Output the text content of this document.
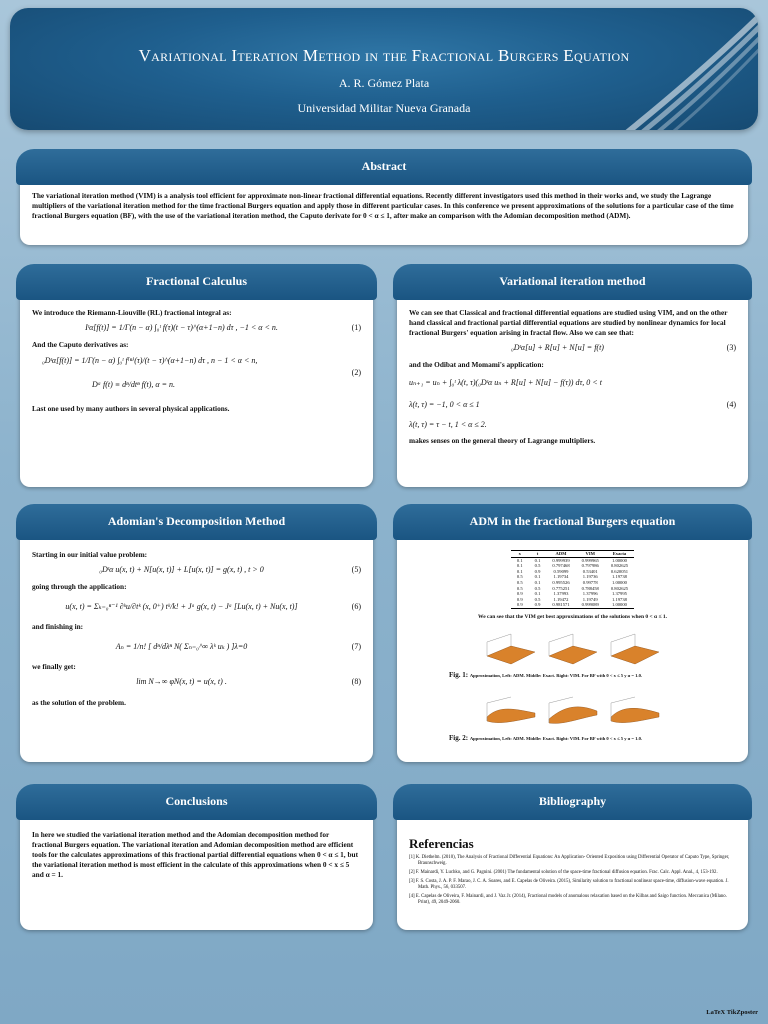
Variational Iteration Method in the Fractional Burgers Equation
A. R. Gómez Plata
Universidad Militar Nueva Granada
Abstract
The variational iteration method (VIM) is a analysis tool efficient for approximate non-linear fractional differential equations. Recently different investigators used this method in their works and, we study the Lagrange multipliers of the variational iteration method for the time fractional Burgers equation and apply those in different particular cases. In this conference we present approximations of the solutions for a particular case of the time fractional Burgers equation (BF), with the use of the variational iteration method, the Caputo derivate for 0 < α ≤ 1, after make an comparison with the Adomian decomposition method (ADM).
Fractional Calculus
We introduce the Riemann-Liouville (RL) fractional integral as:
Iᵗα[f(t)] = 1/Γ(n − α) ∫₀ᵗ f(τ)(t − τ)^(α+1−n) dτ , −1 < α < n.	(1)
And the Caputo derivatives as:
₀Dᵗα[f(t)] = 1/Γ(n − α) ∫₀ᵗ f⁽ⁿ⁾(τ)/(t − τ)^(α+1−n) dτ , n − 1 < α < n,
Dᵅ f(t) ≡ dⁿ/dtⁿ f(t), α = n.
(2)
Last one used by many authors in several physical applications.
Variational iteration method
We can see that Classical and fractional differential equations are studied using VIM, and on the other hand classical and fractional partial differential equations are studied by nonlinear dynamics for local fractional Burgers' equation arising in fractal flow. Also we can see that:
₀Dᵗα[u] + R[u] + N[u] = f(t)	(3)
and the Odibat and Momami's application:
uₙ₊₁ = uₙ + ∫₀ᵗ λ(t, τ)(₀Dᵗα uₙ + R[u] + N[u] − f(τ)) dτ, 0 < t
λ(t, τ) = −1, 0 < α ≤ 1
λ(t, τ) = τ − t, 1 < α ≤ 2.
(4)
makes senses on the general theory of Lagrange multipliers.
Adomian's Decomposition Method
Starting in our initial value problem:
₀Dᵗα u(x, t) + N[u(x, t)] + L[u(x, t)] = g(x, t) , t > 0	(5)
going through the application:
u(x, t) = Σₖ₌₀ⁿ⁻¹ ∂ᵏu/∂tᵏ (x, 0⁺) tᵏ/k! + Jᵅ g(x, t) − Jᵅ [Lu(x, t) + Nu(x, t)]	(6)
and finishing in:
Aₙ = 1/n! [ dⁿ/dλⁿ N( Σₙ₌₀^∞ λᵏ uₖ ) ]λ=0	(7)
we finally get:
lim N→∞ φN(x, t) = u(x, t) .	(8)
as the solution of the problem.
ADM in the fractional Burgers equation
x	t	ADM	VIM	Exacta
0.1	0.1	0.999939	0.999965	1.00000
0.1	0.5	0.797468	0.797986	0.802625
0.1	0.9	0.59099	0.53401	0.620051
0.5	0.1	1.19734	1.19736	1.19738
0.5	0.1	0.995526	0.99778	1.00000
0.5	0.5	0.775251	0.788458	0.802625
0.9	0.1	1.37993	1.37996	1.37995
0.9	0.5	1.19472	1.19749	1.19738
0.9	0.9	0.981571	0.999089	1.00000
We can see that the VIM get best approximations of the solutions when 0 < α ≤ 1.
Fig. 1: Approximation, Left: ADM. Middle: Exact. Right: VIM. For BF with 0 < x ≤ 5 y α = 1.0.
Fig. 2: Approximation, Left: ADM. Middle: Exact. Right: VIM. For BF with 0 < x ≤ 5 y α = 1.0.
Conclusions
In here we studied the variational iteration method and the Adomian decomposition method for fractional Burgers equation. The variational iteration and Adomian decomposition method are efficient tools for the calculates approximations of this fractional partial differential equations when 0 < α ≤ 1, but the variational iteration method is most efficient in the calculate of this approximations when 0 < x ≤ 5 and α = 1.
Bibliography
Referencias
[1] K. Diethelm. (2010), The Analysis of Fractional Differential Equations: An Application- Oriented Exposition using Differential Operator of Caputo Type, Springer, Braunschweig.
[2] F. Mainardi, Y. Luchko, and G. Pagnini. (2001) The fundamental solution of the space-time fractional diffusion equation. Frac. Calc. Appl. Anal., 4, 153-192.
[3] F. S. Costa, J. A. P. F. Marao, J. C. A. Soares, and E. Capelas de Oliveira. (2015), Similarity solution to fractional nonlinear space-time, diffusion-wave equation. J. Math. Phys., 56, 033507.
[4] E. Capelas de Oliveira, F. Mainardi, and J. Vaz Jr. (2014), Fractional models of anomalous relaxation based on the Kilbas and Saigo function. Meccanica (Milano. Print), 49, 2049-2060.
LaTeX TikZposter
